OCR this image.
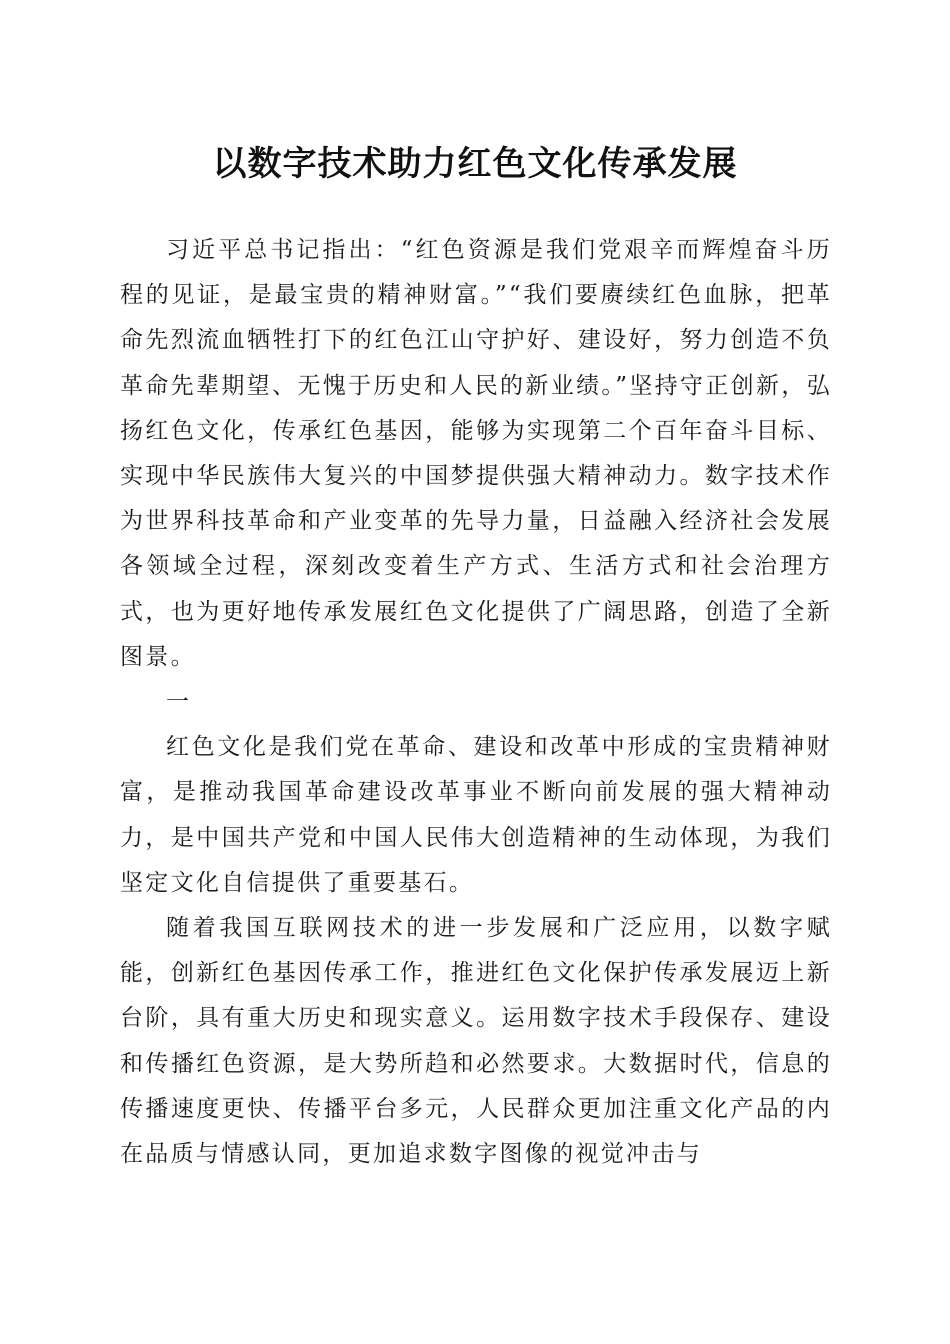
以数字技术助力红色文化传承发展

习近平总书记指出：“红色资源是我们党艰辛而辉煌奋斗历程的见证，是最宝贵的精神财富。”“我们要赓续红色血脉，把革命先烈流血牺牲打下的红色江山守护好、建设好，努力创造不负革命先辈期望、无愧于历史和人民的新业绩。”坚持守正创新，弘扬红色文化，传承红色基因，能够为实现第二个百年奋斗目标、实现中华民族伟大复兴的中国梦提供强大精神动力。数字技术作为世界科技革命和产业变革的先导力量，日益融入经济社会发展各领域全过程，深刻改变着生产方式、生活方式和社会治理方式，也为更好地传承发展红色文化提供了广阔思路，创造了全新图景。

一

红色文化是我们党在革命、建设和改革中形成的宝贵精神财富，是推动我国革命建设改革事业不断向前发展的强大精神动力，是中国共产党和中国人民伟大创造精神的生动体现，为我们坚定文化自信提供了重要基石。

随着我国互联网技术的进一步发展和广泛应用，以数字赋能，创新红色基因传承工作，推进红色文化保护传承发展迈上新台阶，具有重大历史和现实意义。运用数字技术手段保存、建设和传播红色资源，是大势所趋和必然要求。大数据时代，信息的传播速度更快、传播平台多元，人民群众更加注重文化产品的内在品质与情感认同，更加追求数字图像的视觉冲击与
